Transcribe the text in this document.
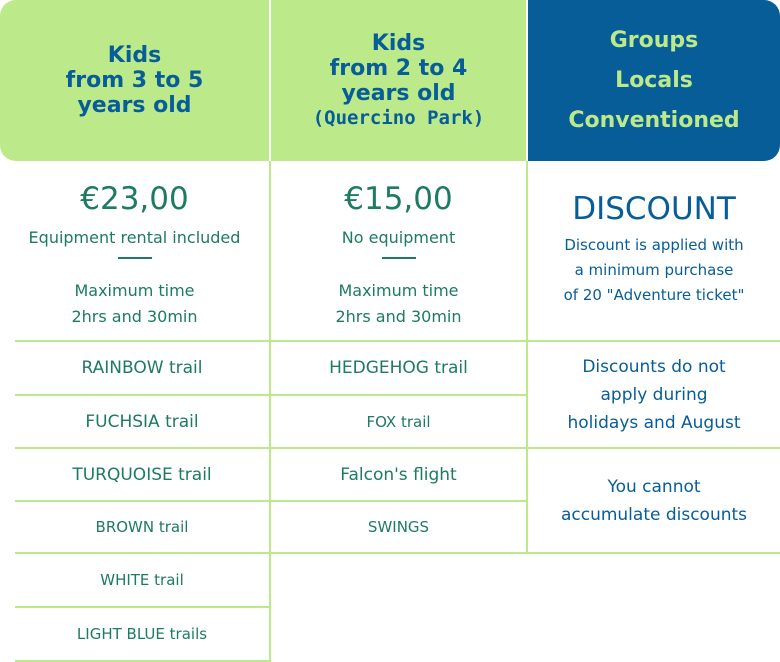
Kids
from 3 to 5
years old
Kids
from 2 to 4
years old
(Quercino Park)
Groups
Locals
Conventioned
€23,00
Equipment rental included
Maximum time
2hrs and 30min
€15,00
No equipment
Maximum time
2hrs and 30min
DISCOUNT
Discount is applied with
a minimum purchase
of 20 "Adventure ticket"
RAINBOW trail
FUCHSIA trail
TURQUOISE trail
BROWN trail
WHITE trail
LIGHT BLUE trails
HEDGEHOG trail
FOX trail
Falcon's flight
SWINGS
Discounts do not
apply during
holidays and August
You cannot
accumulate discounts
